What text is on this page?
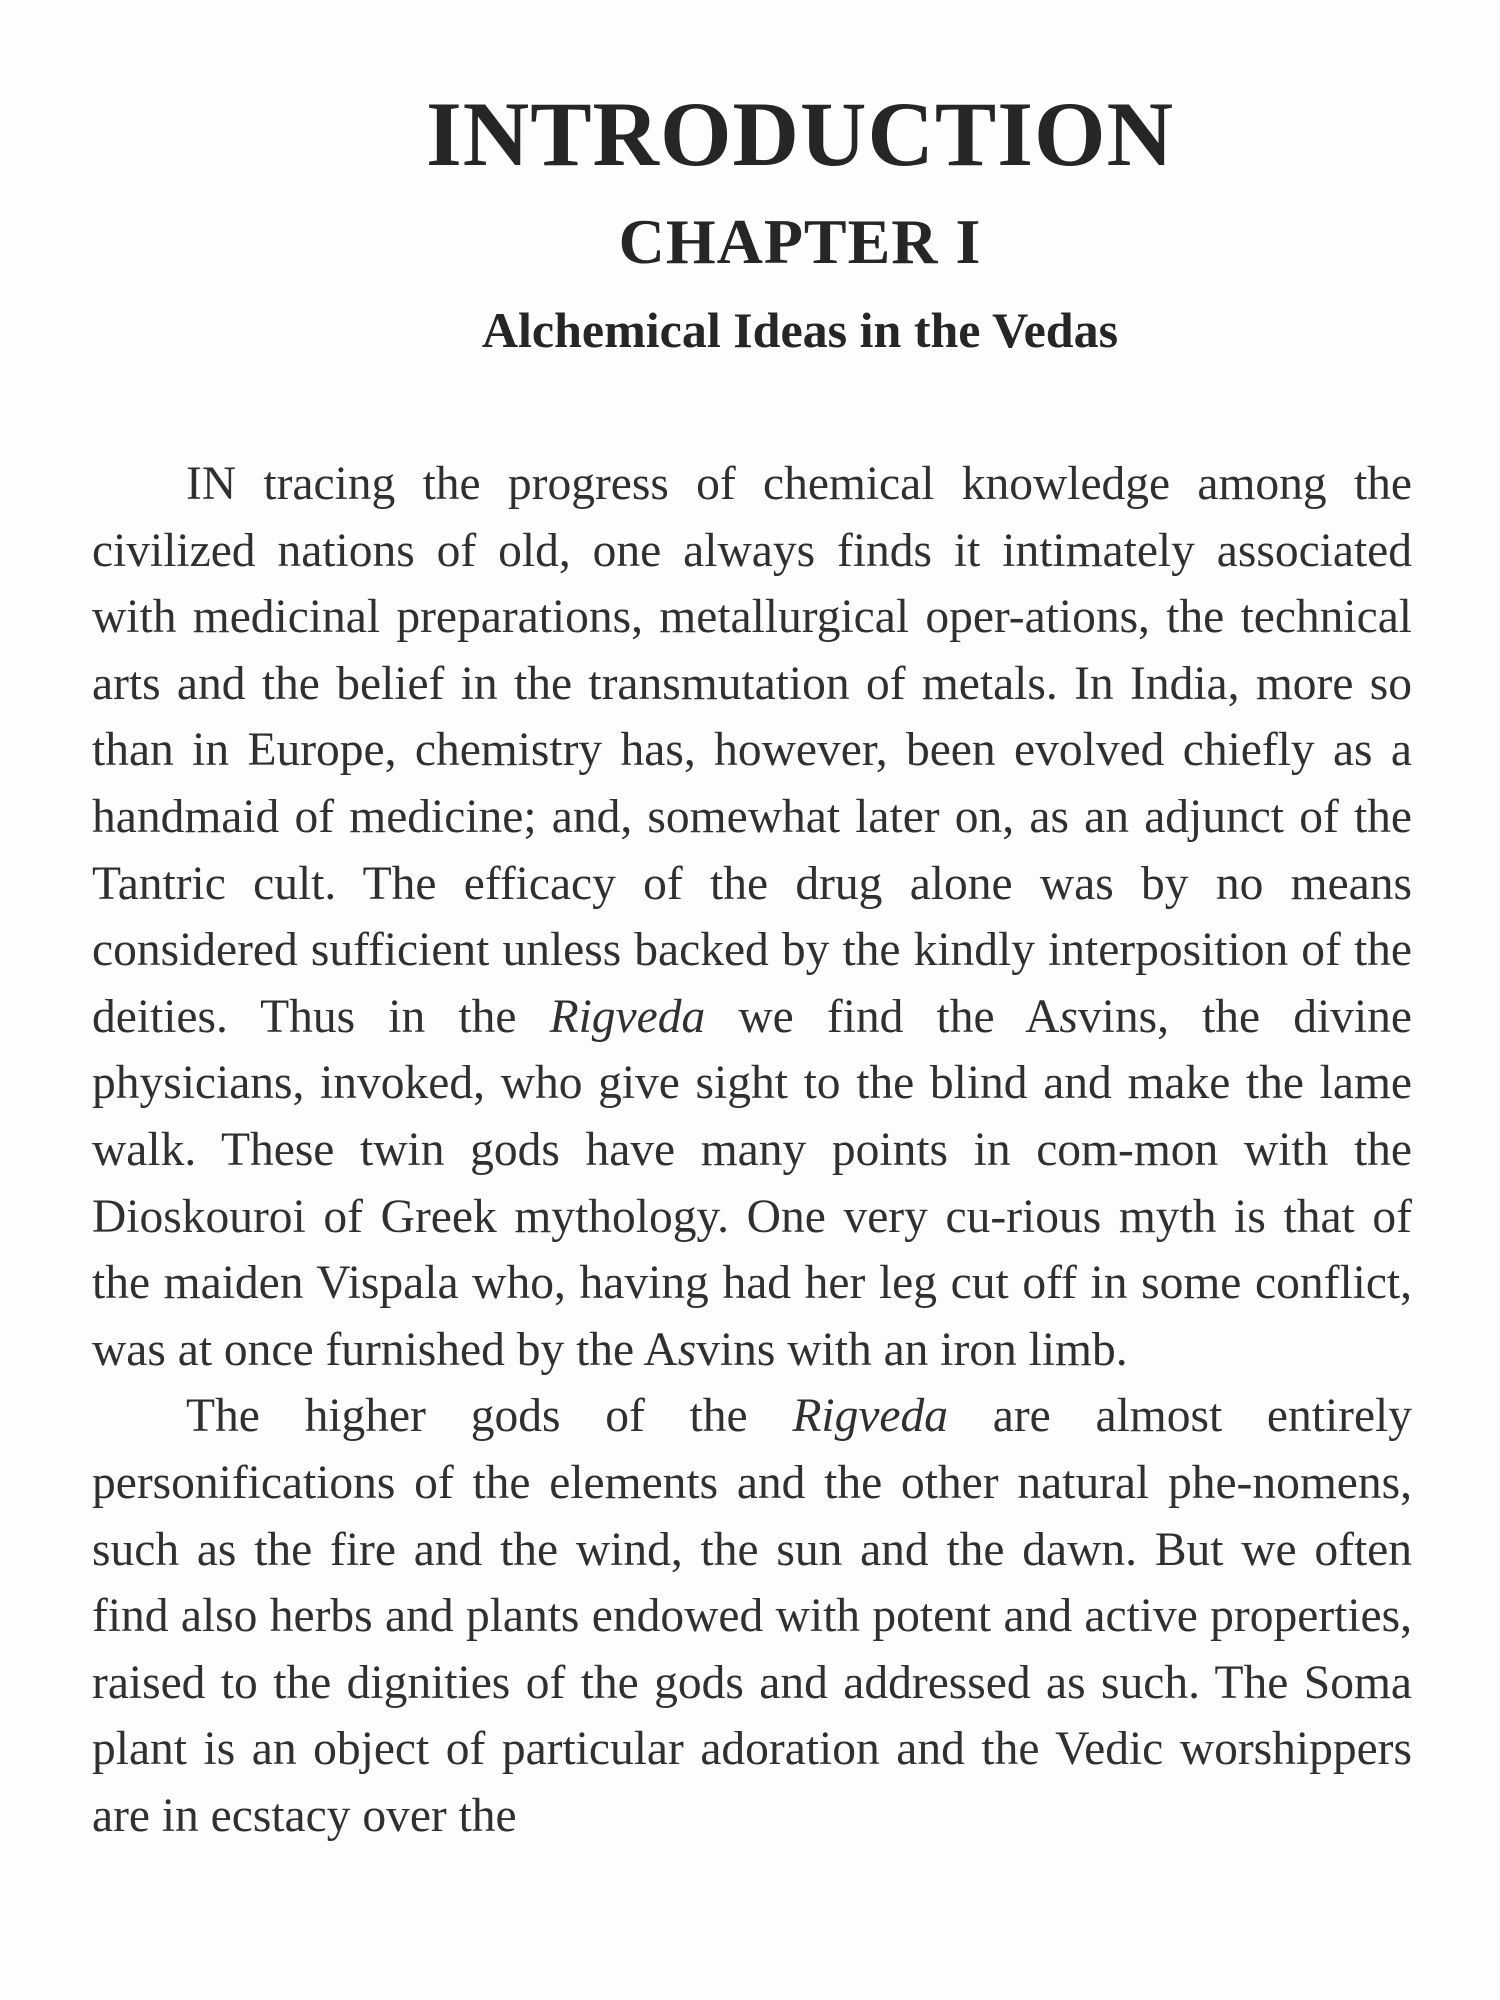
INTRODUCTION
CHAPTER I
Alchemical Ideas in the Vedas

IN tracing the progress of chemical knowledge among the civilized nations of old, one always finds it intimately associated with medicinal preparations, metallurgical oper-ations, the technical arts and the belief in the transmutation of metals. In India, more so than in Europe, chemistry has, however, been evolved chiefly as a handmaid of medicine; and, somewhat later on, as an adjunct of the Tantric cult. The efficacy of the drug alone was by no means considered sufficient unless backed by the kindly interposition of the deities. Thus in the Rigveda we find the Asvins, the divine physicians, invoked, who give sight to the blind and make the lame walk. These twin gods have many points in com-mon with the Dioskouroi of Greek mythology. One very cu-rious myth is that of the maiden Vispala who, having had her leg cut off in some conflict, was at once furnished by the Asvins with an iron limb.

The higher gods of the Rigveda are almost entirely personifications of the elements and the other natural phe-nomens, such as the fire and the wind, the sun and the dawn. But we often find also herbs and plants endowed with potent and active properties, raised to the dignities of the gods and addressed as such. The Soma plant is an object of particular adoration and the Vedic worshippers are in ecstacy over the
